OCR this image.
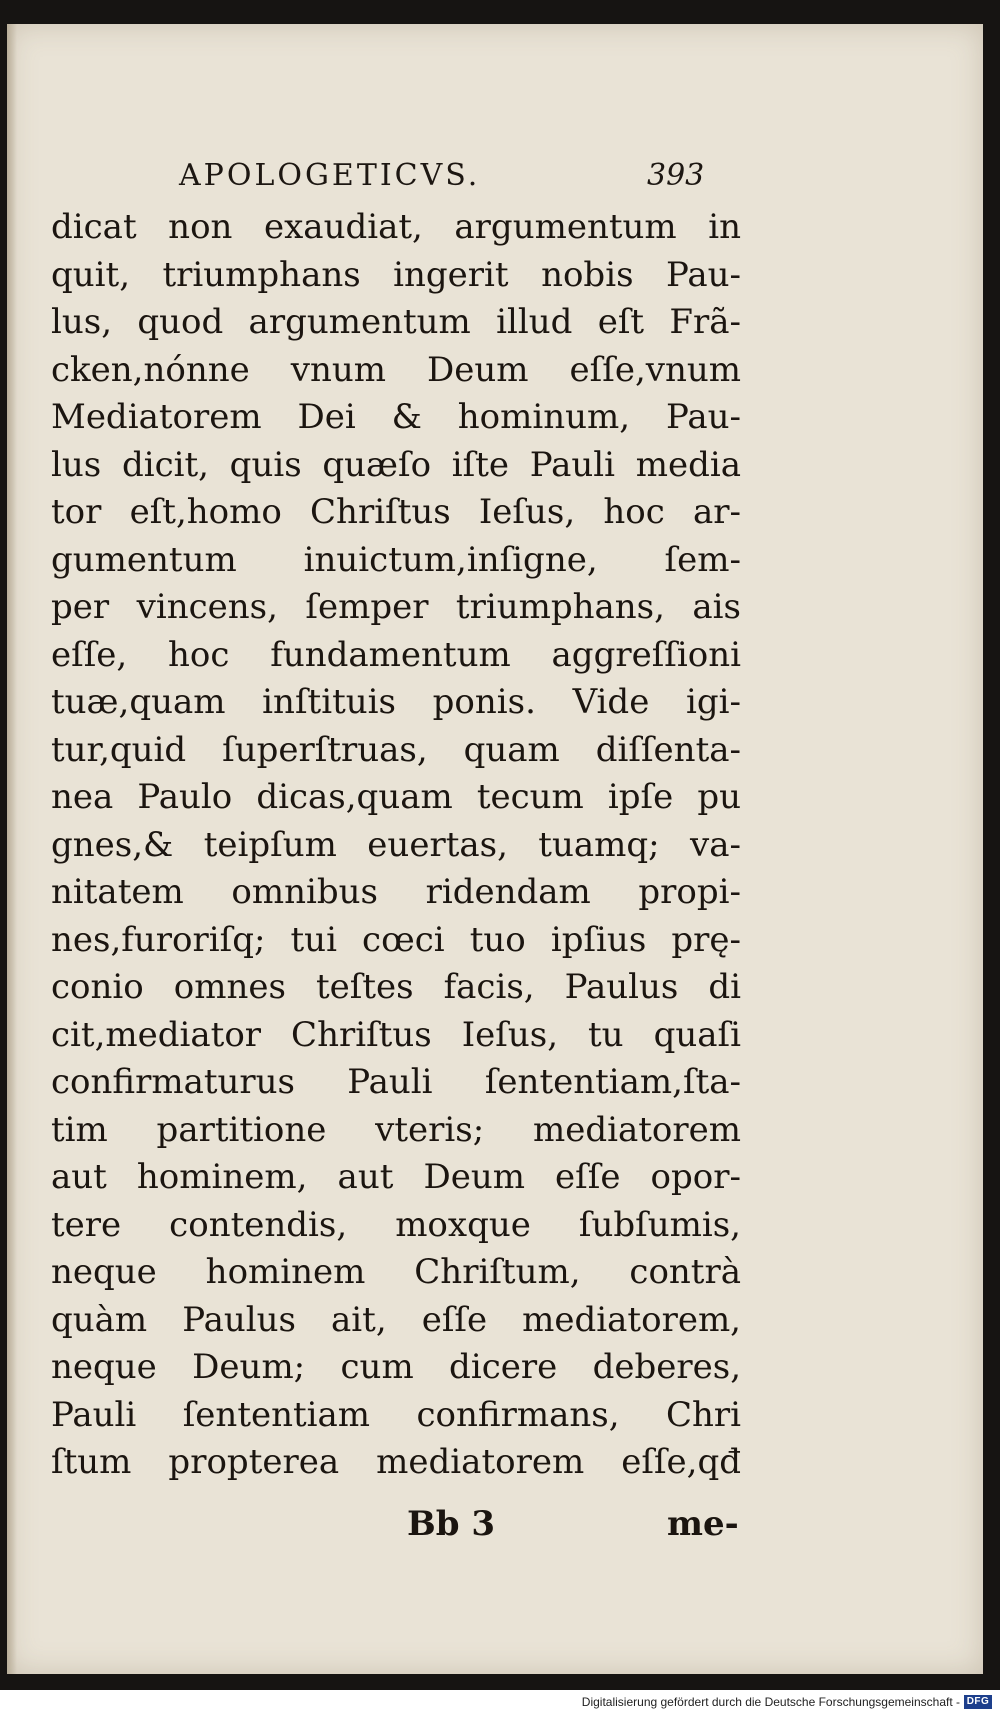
APOLOGETICVS.	393
dicat non exaudiat, argumentum in
quit, triumphans ingerit nobis Pau-
lus, quod argumentum illud eſt Frã-
cken,nónne vnum Deum eſſe,vnum
Mediatorem Dei & hominum, Pau-
lus dicit, quis quæſo iſte Pauli media
tor eſt,homo Chriſtus Ieſus, hoc ar-
gumentum inuictum,inſigne, ſem-
per vincens, ſemper triumphans, ais
eſſe, hoc fundamentum aggreſſioni
tuæ,quam inſtituis ponis. Vide igi-
tur,quid ſuperſtruas, quam diſſenta-
nea Paulo dicas,quam tecum ipſe pu
gnes,& teipſum euertas, tuamq; va-
nitatem omnibus ridendam propi-
nes,furoriſq; tui cœci tuo ipſius prę-
conio omnes teſtes facis, Paulus di
cit,mediator Chriſtus Ieſus, tu quaſi
confirmaturus Pauli ſententiam,ſta-
tim partitione vteris; mediatorem
aut hominem, aut Deum eſſe opor-
tere contendis, moxque ſubſumis,
neque hominem Chriſtum, contrà
quàm Paulus ait, eſſe mediatorem,
neque Deum; cum dicere deberes,
Pauli ſententiam confirmans, Chri
ſtum propterea mediatorem eſſe,qđ
Bb 3	me-
Digitalisierung gefördert durch die Deutsche Forschungsgemeinschaft - DFG
